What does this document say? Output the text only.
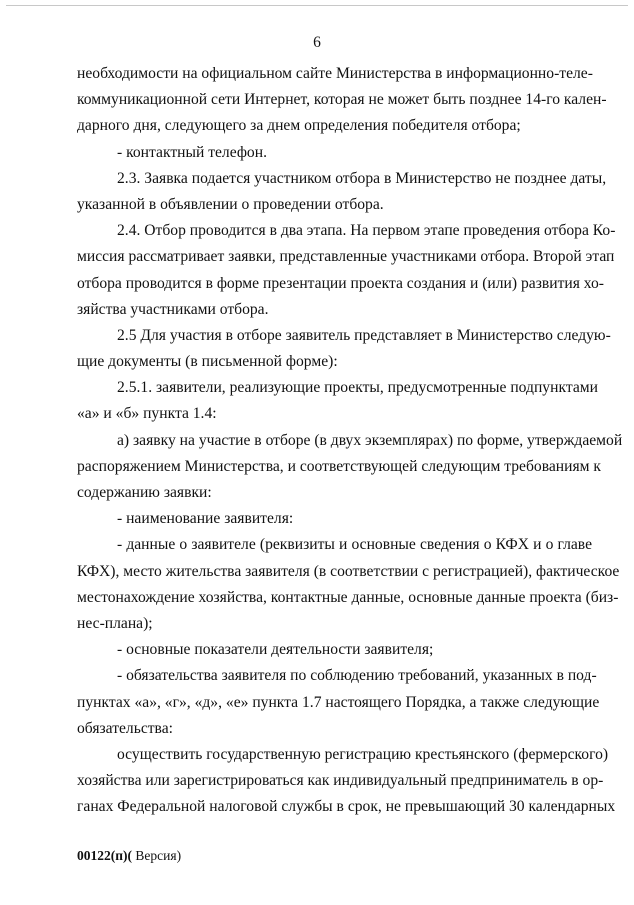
6
необходимости на официальном сайте Министерства в информационно-теле-
коммуникационной сети Интернет, которая не может быть позднее 14-го кален-
дарного дня, следующего за днем определения победителя отбора;
- контактный телефон.
2.3. Заявка подается участником отбора в Министерство не позднее даты,
указанной в объявлении о проведении отбора.
2.4. Отбор проводится в два этапа. На первом этапе проведения отбора Ко-
миссия рассматривает заявки, представленные участниками отбора. Второй этап
отбора проводится в форме презентации проекта создания и (или) развития хо-
зяйства участниками отбора.
2.5 Для участия в отборе заявитель представляет в Министерство следую-
щие документы (в письменной форме):
2.5.1. заявители, реализующие проекты, предусмотренные подпунктами
«а» и «б» пункта 1.4:
а) заявку на участие в отборе (в двух экземплярах) по форме, утверждаемой
распоряжением Министерства, и соответствующей следующим требованиям к
содержанию заявки:
- наименование заявителя:
- данные о заявителе (реквизиты и основные сведения о КФХ и о главе
КФХ), место жительства заявителя (в соответствии с регистрацией), фактическое
местонахождение хозяйства, контактные данные, основные данные проекта (биз-
нес-плана);
- основные показатели деятельности заявителя;
- обязательства заявителя по соблюдению требований, указанных в под-
пунктах «а», «г», «д», «е» пункта 1.7 настоящего Порядка, а также следующие
обязательства:
осуществить государственную регистрацию крестьянского (фермерского)
хозяйства или зарегистрироваться как индивидуальный предприниматель в ор-
ганах Федеральной налоговой службы в срок, не превышающий 30 календарных
00122(п)( Версия)
